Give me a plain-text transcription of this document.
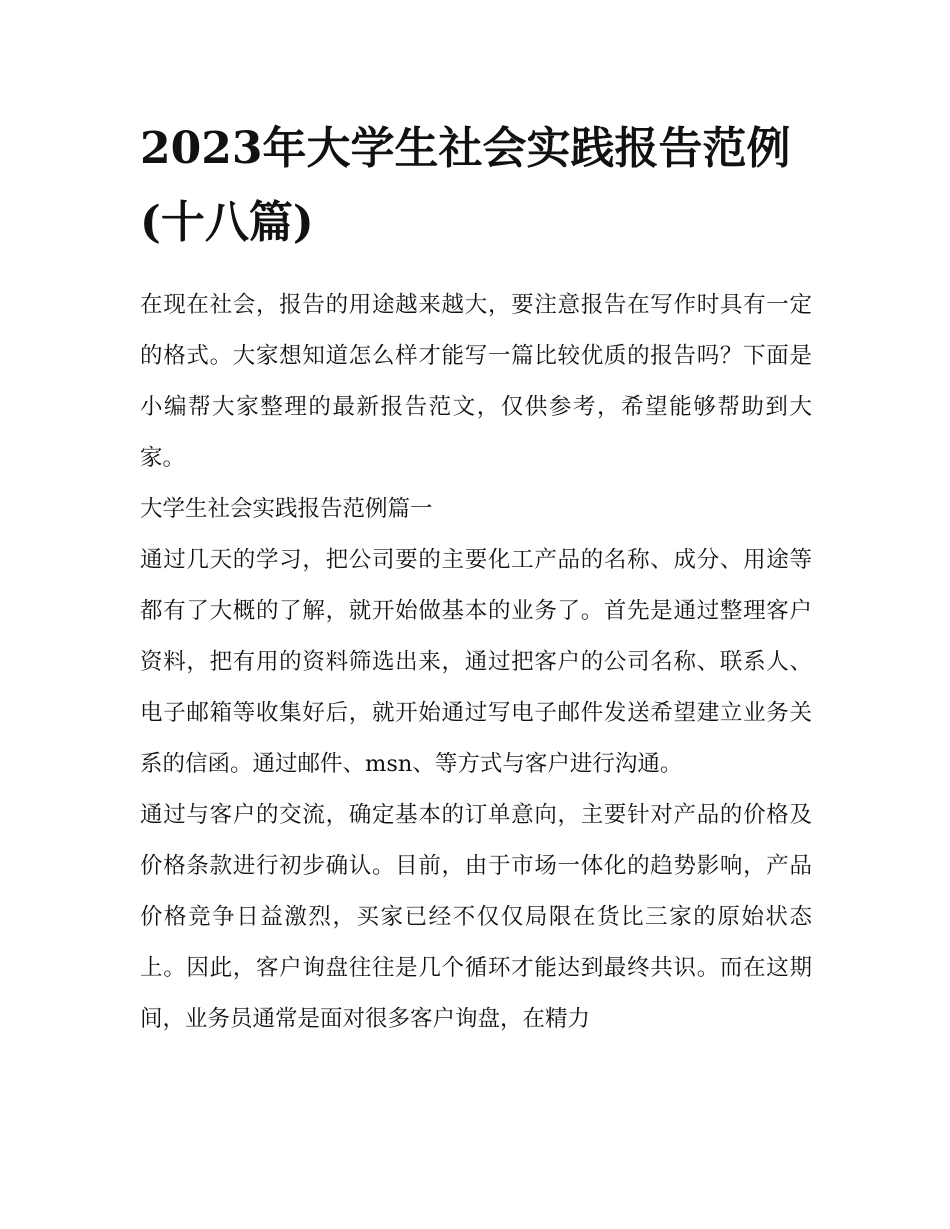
2023年大学生社会实践报告范例(十八篇)

在现在社会，报告的用途越来越大，要注意报告在写作时具有一定的格式。大家想知道怎么样才能写一篇比较优质的报告吗？下面是小编帮大家整理的最新报告范文，仅供参考，希望能够帮助到大家。

大学生社会实践报告范例篇一

通过几天的学习，把公司要的主要化工产品的名称、成分、用途等都有了大概的了解，就开始做基本的业务了。首先是通过整理客户资料，把有用的资料筛选出来，通过把客户的公司名称、联系人、电子邮箱等收集好后，就开始通过写电子邮件发送希望建立业务关系的信函。通过邮件、msn、等方式与客户进行沟通。

通过与客户的交流，确定基本的订单意向，主要针对产品的价格及价格条款进行初步确认。目前，由于市场一体化的趋势影响，产品价格竞争日益激烈，买家已经不仅仅局限在货比三家的原始状态上。因此，客户询盘往往是几个循环才能达到最终共识。而在这期间，业务员通常是面对很多客户询盘，在精力
